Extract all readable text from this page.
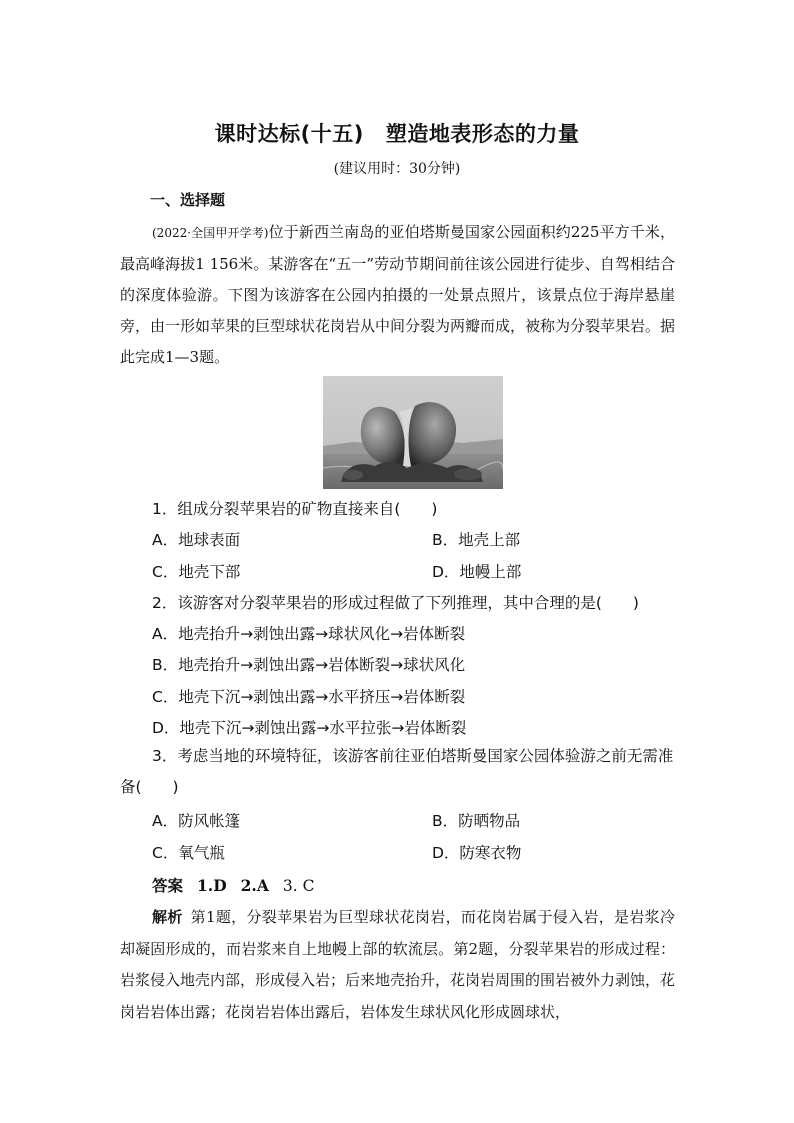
课时达标(十五) 塑造地表形态的力量
(建议用时：30分钟)
一、选择题
(2022·全国甲开学考)位于新西兰南岛的亚伯塔斯曼国家公园面积约225平方千米，最高峰海拔1 156米。某游客在“五一”劳动节期间前往该公园进行徒步、自驾相结合的深度体验游。下图为该游客在公园内拍摄的一处景点照片，该景点位于海岸悬崖旁，由一形如苹果的巨型球状花岗岩从中间分裂为两瓣而成，被称为分裂苹果岩。据此完成1—3题。
1．组成分裂苹果岩的矿物直接来自(　　)
A．地球表面	B．地壳上部
C．地壳下部	D．地幔上部
2．该游客对分裂苹果岩的形成过程做了下列推理，其中合理的是(　　)
A．地壳抬升→剥蚀出露→球状风化→岩体断裂
B．地壳抬升→剥蚀出露→岩体断裂→球状风化
C．地壳下沉→剥蚀出露→水平挤压→岩体断裂
D．地壳下沉→剥蚀出露→水平拉张→岩体断裂
3．考虑当地的环境特征，该游客前往亚伯塔斯曼国家公园体验游之前无需准备(　　)
A．防风帐篷	B．防晒物品
C．氧气瓶	D．防寒衣物
答案 1.D 2.A 3. C
解析 第1题，分裂苹果岩为巨型球状花岗岩，而花岗岩属于侵入岩，是岩浆冷却凝固形成的，而岩浆来自上地幔上部的软流层。第2题，分裂苹果岩的形成过程：岩浆侵入地壳内部，形成侵入岩；后来地壳抬升，花岗岩周围的围岩被外力剥蚀，花岗岩岩体出露；花岗岩岩体出露后，岩体发生球状风化形成圆球状，
